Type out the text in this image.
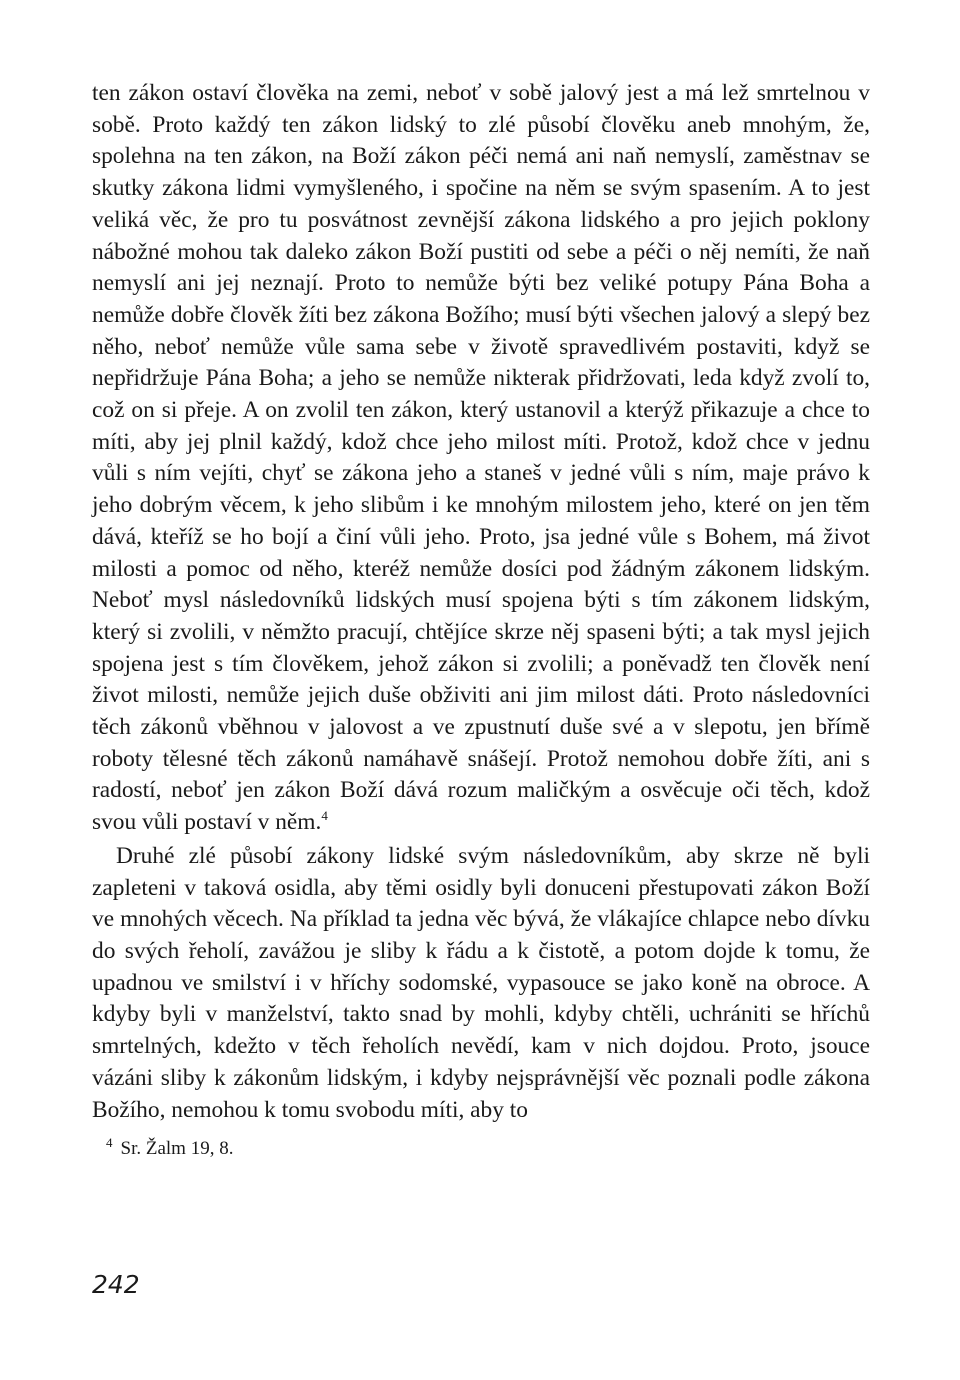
ten zákon ostaví člověka na zemi, neboť v sobě jalový jest a má lež smrtelnou v sobě. Proto každý ten zákon lidský to zlé působí člověku aneb mnohým, že, spolehna na ten zákon, na Boží zákon péči nemá ani naň nemyslí, zaměstnav se skutky zákona lidmi vymyšleného, i spočine na něm se svým spasením. A to jest veliká věc, že pro tu posvátnost zevnější zákona lidského a pro jejich poklony nábožné mohou tak daleko zákon Boží pustiti od sebe a péči o něj nemíti, že naň nemyslí ani jej neznají. Proto to nemůže býti bez veliké potupy Pána Boha a nemůže dobře člověk žíti bez zákona Božího; musí býti všechen jalový a slepý bez něho, neboť nemůže vůle sama sebe v životě spravedlivém postaviti, když se nepřidržuje Pána Boha; a jeho se nemůže nikterak přidržovati, leda když zvolí to, což on si přeje. A on zvolil ten zákon, který ustanovil a kterýž přikazuje a chce to míti, aby jej plnil každý, kdož chce jeho milost míti. Protož, kdož chce v jednu vůli s ním vejíti, chyť se zákona jeho a staneš v jedné vůli s ním, maje právo k jeho dobrým věcem, k jeho slibům i ke mnohým milostem jeho, které on jen těm dává, kteříž se ho bojí a činí vůli jeho. Proto, jsa jedné vůle s Bohem, má život milosti a pomoc od něho, kteréž nemůže dosíci pod žádným zákonem lidským. Neboť mysl následovníků lidských musí spojena býti s tím zákonem lidským, který si zvolili, v němžto pracují, chtějíce skrze něj spaseni býti; a tak mysl jejich spojena jest s tím člověkem, jehož zákon si zvolili; a poněvadž ten člověk není život milosti, nemůže jejich duše obživiti ani jim milost dáti. Proto následovníci těch zákonů vběhnou v jalovost a ve zpustnutí duše své a v slepotu, jen břímě roboty tělesné těch zákonů namáhavě snášejí. Protož nemohou dobře žíti, ani s radostí, neboť jen zákon Boží dává rozum maličkým a osvěcuje oči těch, kdož svou vůli postaví v něm.$^4$

Druhé zlé působí zákony lidské svým následovníkům, aby skrze ně byli zapleteni v taková osidla, aby těmi osidly byli donuceni přestupovati zákon Boží ve mnohých věcech. Na příklad ta jedna věc bývá, že vlákajíce chlapce nebo dívku do svých řeholí, zavážou je sliby k řádu a k čistotě, a potom dojde k tomu, že upadnou ve smilství i v hříchy sodomské, vypasouce se jako koně na obroce. A kdyby byli v manželství, takto snad by mohli, kdyby chtěli, uchrániti se hříchů smrtelných, kdežto v těch řeholích nevědí, kam v nich dojdou. Proto, jsouce vázáni sliby k zákonům lidským, i kdyby nejsprávnější věc poznali podle zákona Božího, nemohou k tomu svobodu míti, aby to

$^4$ Sr. Žalm 19, 8.
242
